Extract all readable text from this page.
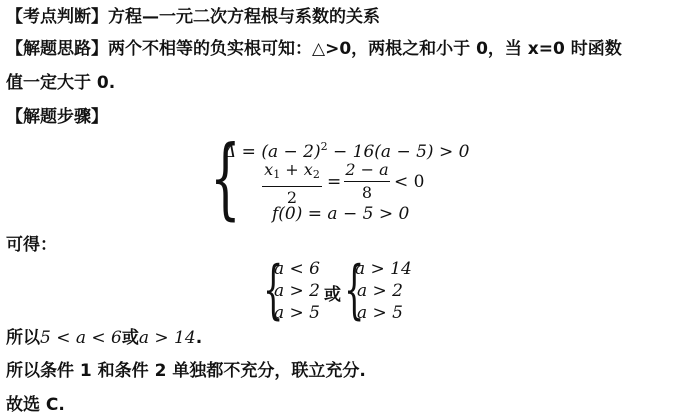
【考点判断】方程—一元二次方程根与系数的关系
【解题思路】两个不相等的负实根可知：△>0，两根之和小于 0，当 x=0 时函数
值一定大于 0.
【解题步骤】
{
$\Delta = (a - 2)^2 - 16(a - 5) > 0$
$x_1 + x_2$
2
=
2 − a
8
< 0
f(0) = a − 5 > 0
可得：
{
a < 6
a > 2
a > 5
或 {
a > 14
a > 2
a > 5
所以5 < a < 6或a > 14.
所以条件 1 和条件 2 单独都不充分，联立充分.
故选 C.
